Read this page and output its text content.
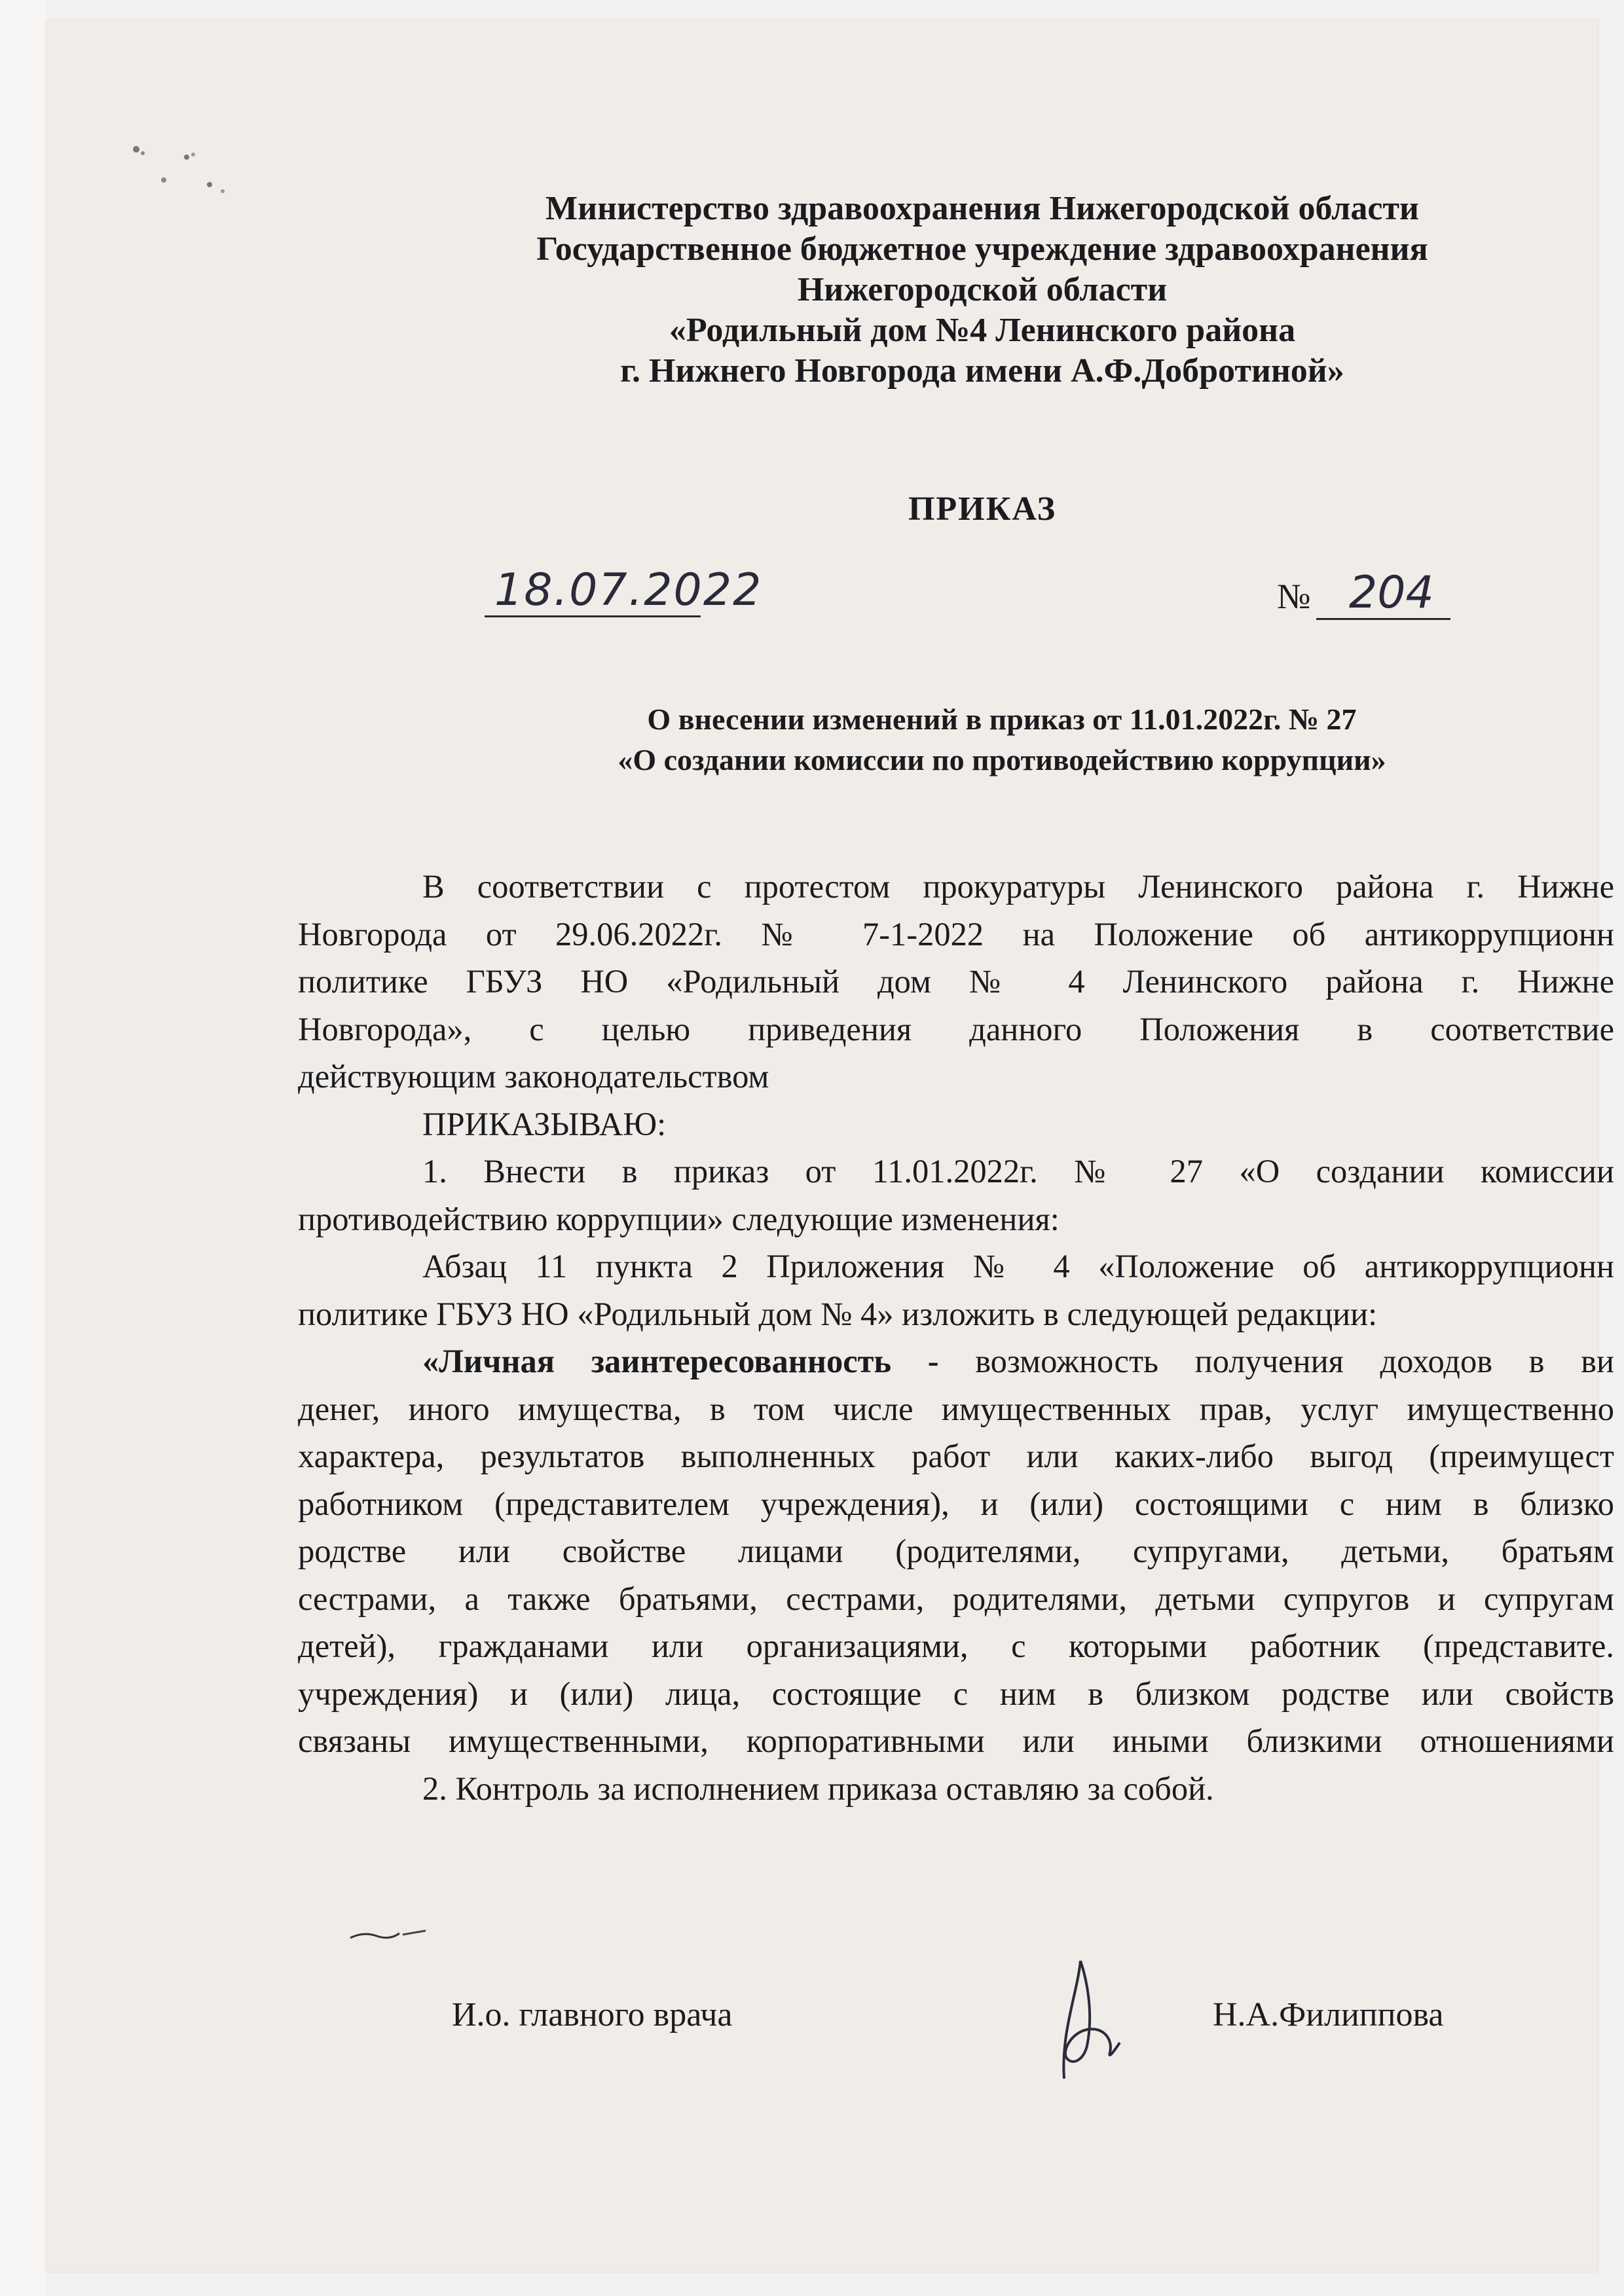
Министерство здравоохранения Нижегородской области
Государственное бюджетное учреждение здравоохранения
Нижегородской области
«Родильный дом №4 Ленинского района
г. Нижнего Новгорода имени А.Ф.Добротиной»
ПРИКАЗ
18.07.2022	№ 204
О внесении изменений в приказ от 11.01.2022г. № 27
«О создании комиссии по противодействию коррупции»
В соответствии с протестом прокуратуры Ленинского района г. Нижне
Новгорода от 29.06.2022г. № 7-1-2022 на Положение об антикоррупционн
политике ГБУЗ НО «Родильный дом № 4 Ленинского района г. Нижне
Новгорода», с целью приведения данного Положения в соответствие
действующим законодательством
ПРИКАЗЫВАЮ:
1. Внести в приказ от 11.01.2022г. № 27 «О создании комиссии
противодействию коррупции» следующие изменения:
Абзац 11 пункта 2 Приложения № 4 «Положение об антикоррупционн
политике ГБУЗ НО «Родильный дом № 4» изложить в следующей редакции:
«Личная заинтересованность - возможность получения доходов в ви
денег, иного имущества, в том числе имущественных прав, услуг имущественно
характера, результатов выполненных работ или каких-либо выгод (преимущест
работником (представителем учреждения), и (или) состоящими с ним в близко
родстве или свойстве лицами (родителями, супругами, детьми, братьям
сестрами, а также братьями, сестрами, родителями, детьми супругов и супругам
детей), гражданами или организациями, с которыми работник (представите.
учреждения) и (или) лица, состоящие с ним в близком родстве или свойств
связаны имущественными, корпоративными или иными близкими отношениями
2. Контроль за исполнением приказа оставляю за собой.
И.о. главного врача	Н.А.Филиппова
